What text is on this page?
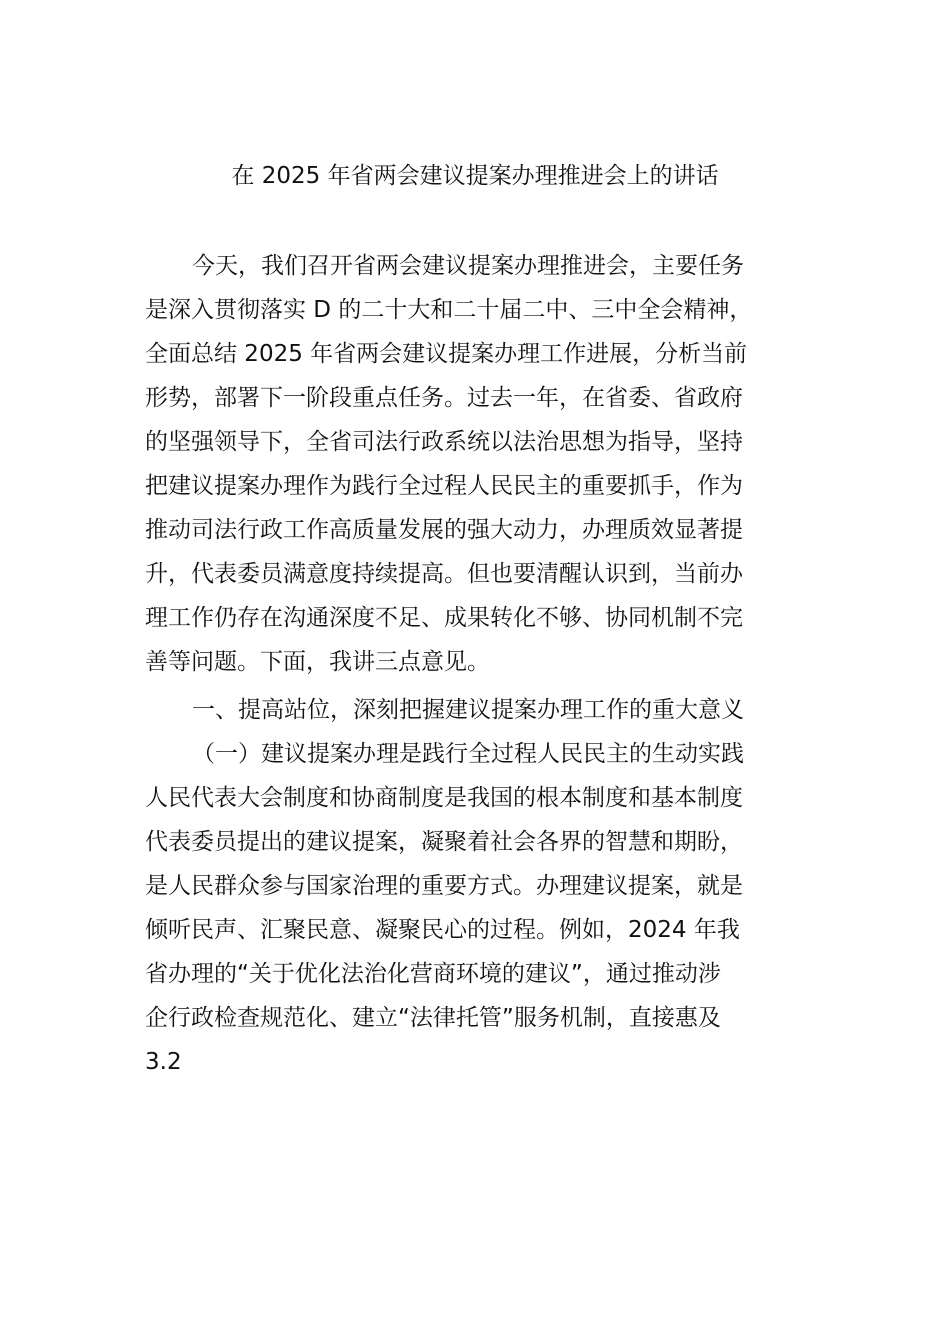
在 2025 年省两会建议提案办理推进会上的讲话
今天，我们召开省两会建议提案办理推进会，主要任务
是深入贯彻落实 D 的二十大和二十届二中、三中全会精神，
全面总结 2025 年省两会建议提案办理工作进展，分析当前
形势，部署下一阶段重点任务。过去一年，在省委、省政府
的坚强领导下，全省司法行政系统以法治思想为指导，坚持
把建议提案办理作为践行全过程人民民主的重要抓手，作为
推动司法行政工作高质量发展的强大动力，办理质效显著提
升，代表委员满意度持续提高。但也要清醒认识到，当前办
理工作仍存在沟通深度不足、成果转化不够、协同机制不完
善等问题。下面，我讲三点意见。
一、提高站位，深刻把握建议提案办理工作的重大意义
（一）建议提案办理是践行全过程人民民主的生动实践
人民代表大会制度和协商制度是我国的根本制度和基本制度
代表委员提出的建议提案，凝聚着社会各界的智慧和期盼，
是人民群众参与国家治理的重要方式。办理建议提案，就是
倾听民声、汇聚民意、凝聚民心的过程。例如，2024 年我
省办理的“关于优化法治化营商环境的建议”，通过推动涉
企行政检查规范化、建立“法律托管”服务机制，直接惠及
3.2
